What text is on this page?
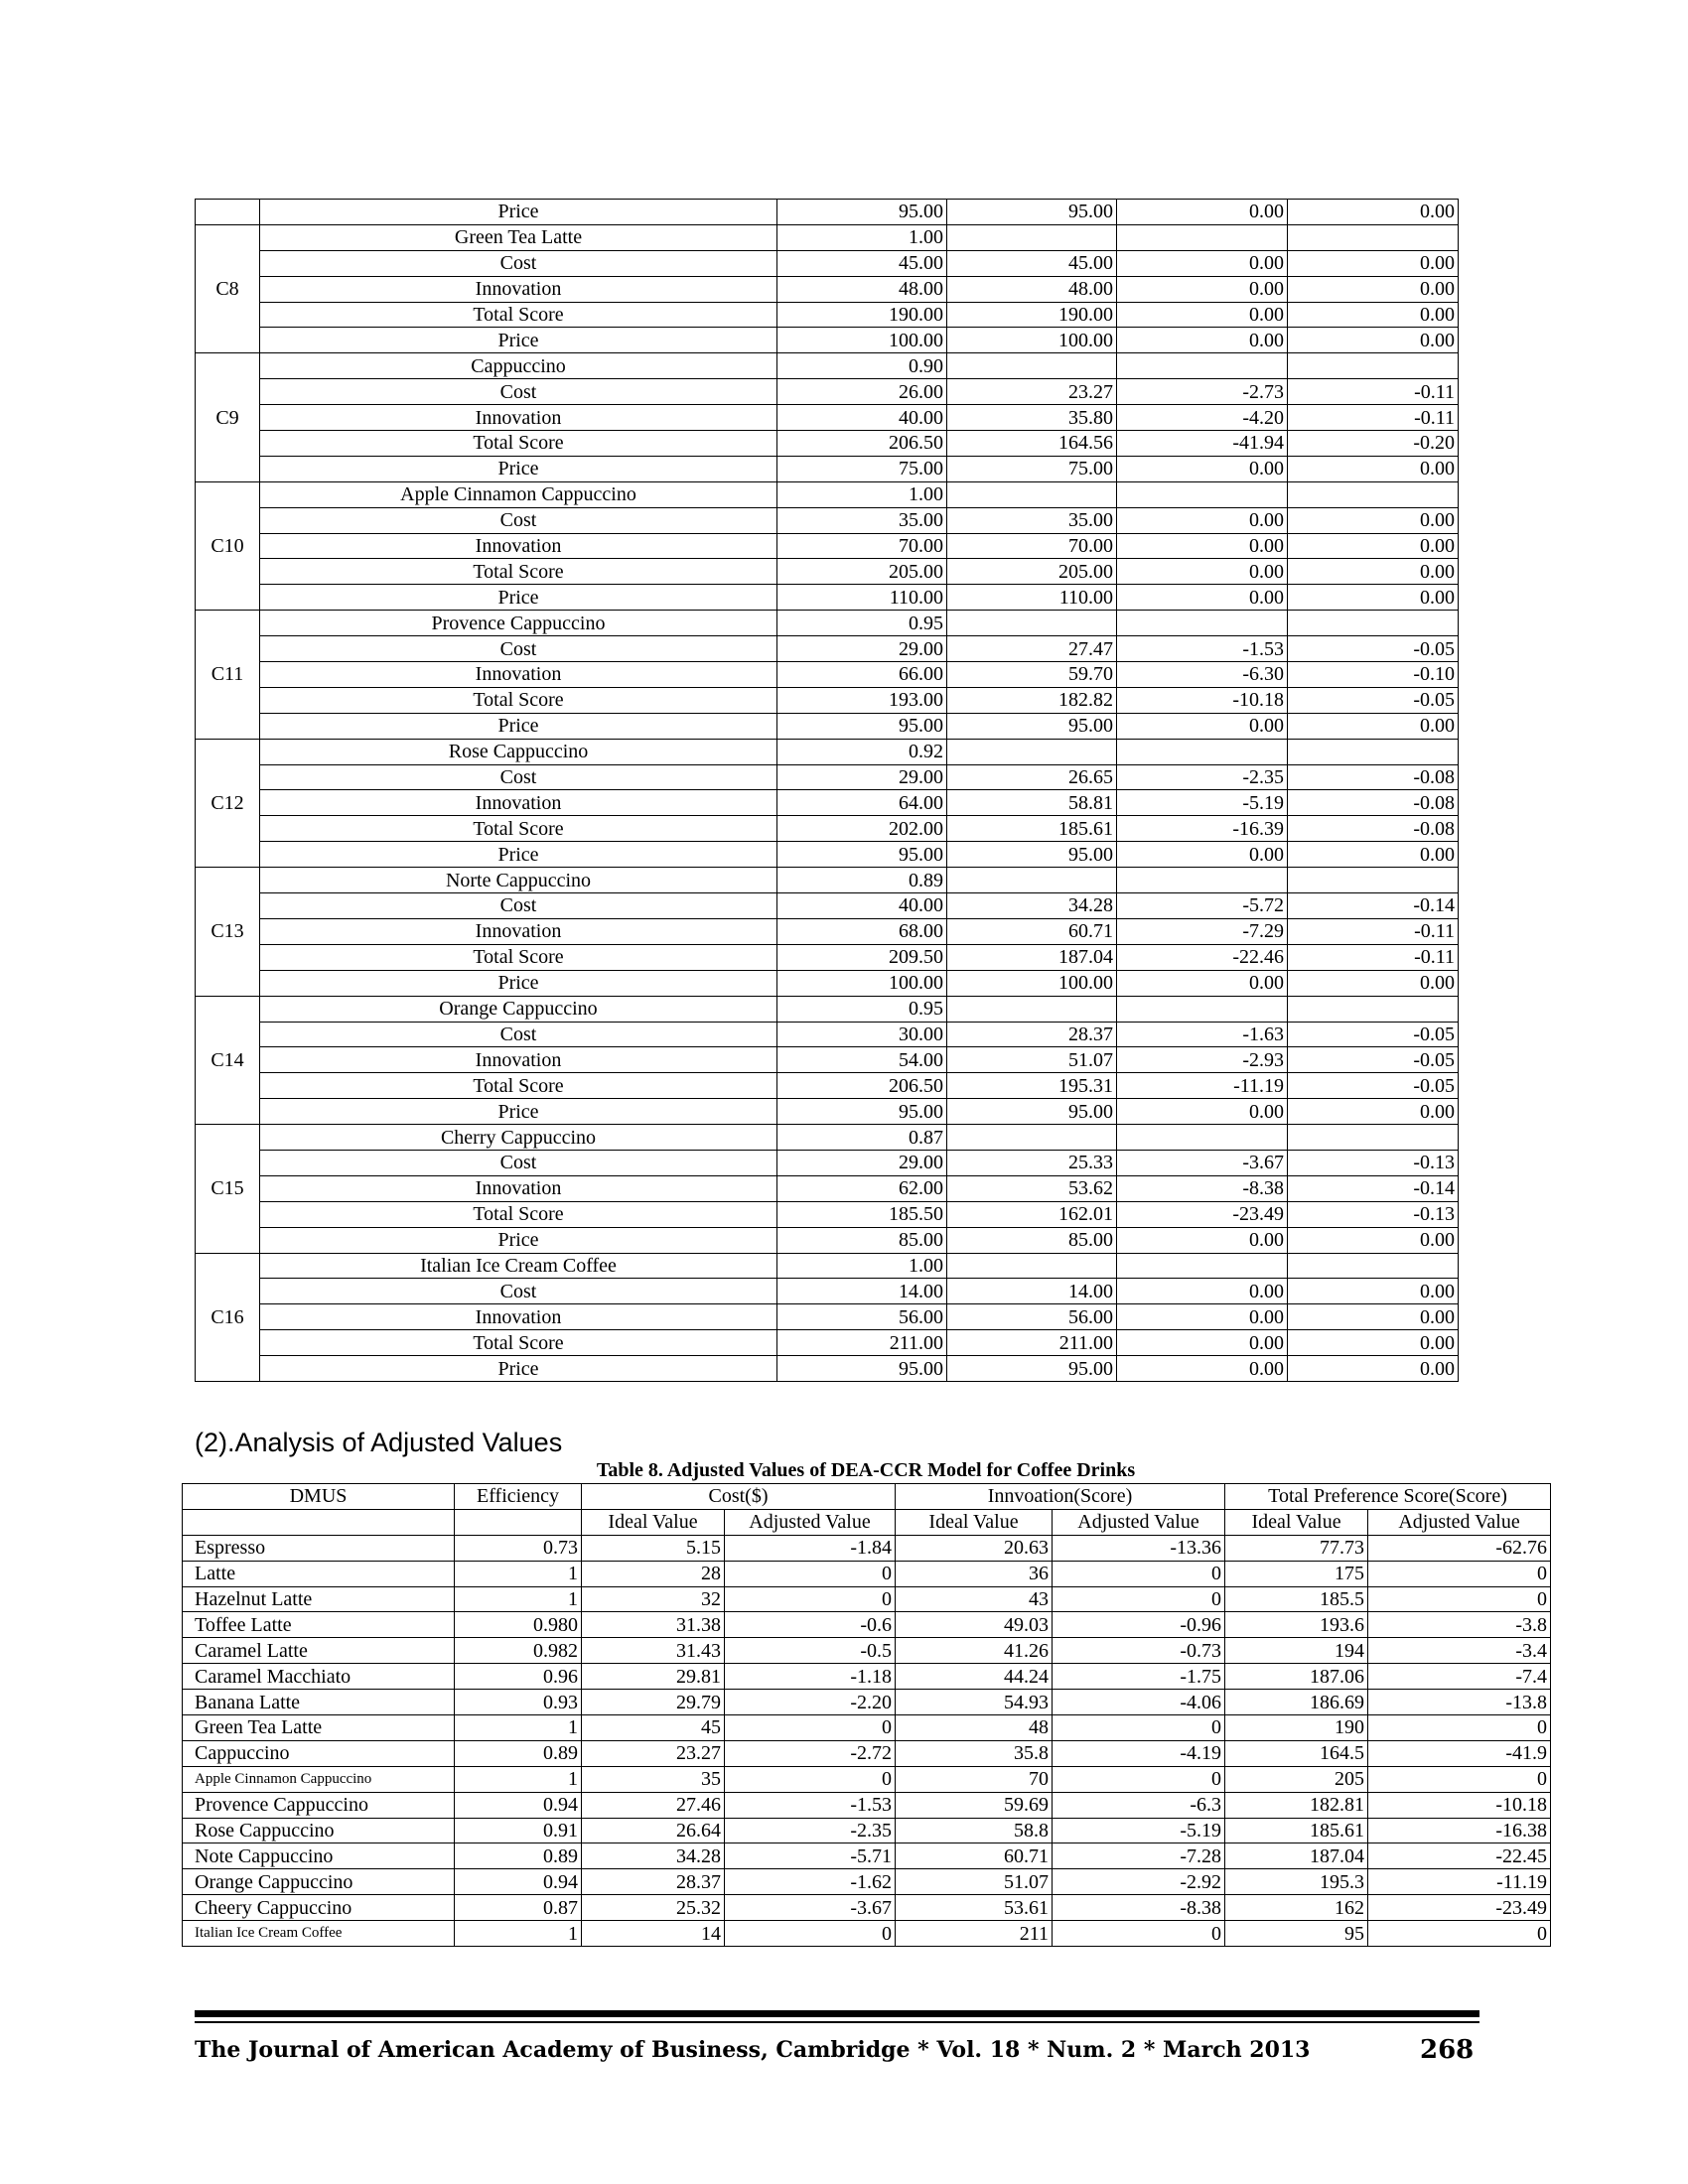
	Price	95.00	95.00	0.00	0.00
C8	Green Tea Latte	1.00			
	Cost	45.00	45.00	0.00	0.00
	Innovation	48.00	48.00	0.00	0.00
	Total Score	190.00	190.00	0.00	0.00
	Price	100.00	100.00	0.00	0.00
C9	Cappuccino	0.90			
	Cost	26.00	23.27	-2.73	-0.11
	Innovation	40.00	35.80	-4.20	-0.11
	Total Score	206.50	164.56	-41.94	-0.20
	Price	75.00	75.00	0.00	0.00
C10	Apple Cinnamon Cappuccino	1.00			
	Cost	35.00	35.00	0.00	0.00
	Innovation	70.00	70.00	0.00	0.00
	Total Score	205.00	205.00	0.00	0.00
	Price	110.00	110.00	0.00	0.00
C11	Provence Cappuccino	0.95			
	Cost	29.00	27.47	-1.53	-0.05
	Innovation	66.00	59.70	-6.30	-0.10
	Total Score	193.00	182.82	-10.18	-0.05
	Price	95.00	95.00	0.00	0.00
C12	Rose Cappuccino	0.92			
	Cost	29.00	26.65	-2.35	-0.08
	Innovation	64.00	58.81	-5.19	-0.08
	Total Score	202.00	185.61	-16.39	-0.08
	Price	95.00	95.00	0.00	0.00
C13	Norte Cappuccino	0.89			
	Cost	40.00	34.28	-5.72	-0.14
	Innovation	68.00	60.71	-7.29	-0.11
	Total Score	209.50	187.04	-22.46	-0.11
	Price	100.00	100.00	0.00	0.00
C14	Orange Cappuccino	0.95			
	Cost	30.00	28.37	-1.63	-0.05
	Innovation	54.00	51.07	-2.93	-0.05
	Total Score	206.50	195.31	-11.19	-0.05
	Price	95.00	95.00	0.00	0.00
C15	Cherry Cappuccino	0.87			
	Cost	29.00	25.33	-3.67	-0.13
	Innovation	62.00	53.62	-8.38	-0.14
	Total Score	185.50	162.01	-23.49	-0.13
	Price	85.00	85.00	0.00	0.00
C16	Italian Ice Cream Coffee	1.00			
	Cost	14.00	14.00	0.00	0.00
	Innovation	56.00	56.00	0.00	0.00
	Total Score	211.00	211.00	0.00	0.00
	Price	95.00	95.00	0.00	0.00
(2).Analysis of Adjusted Values
Table 8. Adjusted Values of DEA-CCR Model for Coffee Drinks
DMUS	Efficiency	Cost($)		Innvoation(Score)		Total Preference Score(Score)	
		Ideal Value	Adjusted Value	Ideal Value	Adjusted Value	Ideal Value	Adjusted Value
Espresso	0.73	5.15	-1.84	20.63	-13.36	77.73	-62.76
Latte	1	28	0	36	0	175	0
Hazelnut Latte	1	32	0	43	0	185.5	0
Toffee Latte	0.980	31.38	-0.6	49.03	-0.96	193.6	-3.8
Caramel Latte	0.982	31.43	-0.5	41.26	-0.73	194	-3.4
Caramel Macchiato	0.96	29.81	-1.18	44.24	-1.75	187.06	-7.4
Banana Latte	0.93	29.79	-2.20	54.93	-4.06	186.69	-13.8
Green Tea Latte	1	45	0	48	0	190	0
Cappuccino	0.89	23.27	-2.72	35.8	-4.19	164.5	-41.9
Apple Cinnamon Cappuccino	1	35	0	70	0	205	0
Provence Cappuccino	0.94	27.46	-1.53	59.69	-6.3	182.81	-10.18
Rose Cappuccino	0.91	26.64	-2.35	58.8	-5.19	185.61	-16.38
Note Cappuccino	0.89	34.28	-5.71	60.71	-7.28	187.04	-22.45
Orange Cappuccino	0.94	28.37	-1.62	51.07	-2.92	195.3	-11.19
Cheery Cappuccino	0.87	25.32	-3.67	53.61	-8.38	162	-23.49
Italian Ice Cream Coffee	1	14	0	211	0	95	0
The Journal of American Academy of Business, Cambridge * Vol. 18 * Num. 2 * March 2013	268
